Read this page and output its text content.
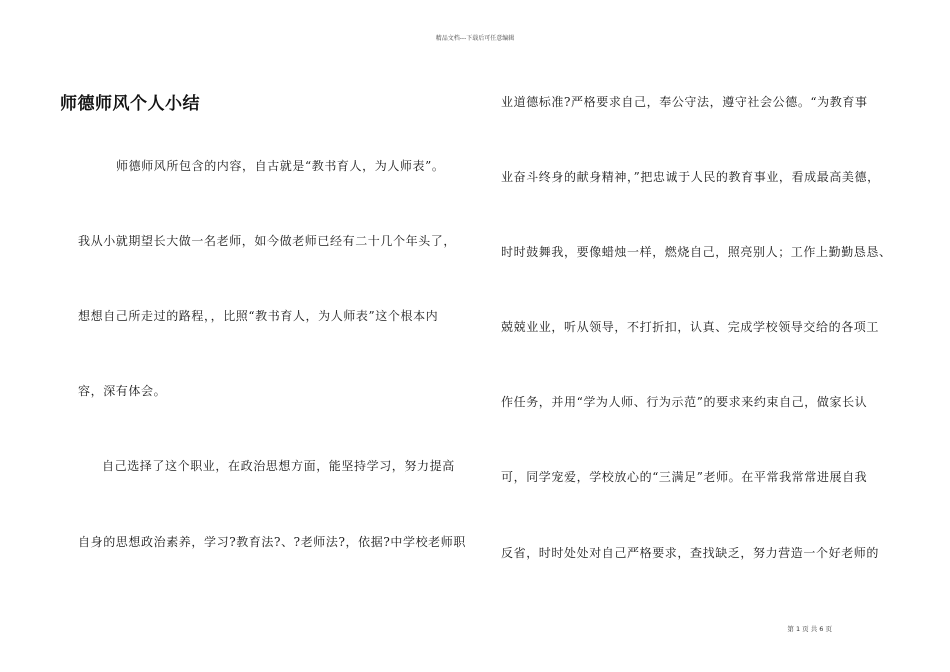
精品文档---下载后可任意编辑
师德师风个人小结
师德师风所包含的内容，自古就是“教书育人，为人师表”。
我从小就期望长大做一名老师，如今做老师已经有二十几个年头了，
想想自己所走过的路程，，比照“教书育人，为人师表”这个根本内
容，深有体会。
自己选择了这个职业，在政治思想方面，能坚持学习，努力提高
自身的思想政治素养，学习?教育法?、?老师法?，依据?中学校老师职
业道德标准?严格要求自己，奉公守法，遵守社会公德。“为教育事
业奋斗终身的献身精神，”把忠诚于人民的教育事业，看成最高美德，
时时鼓舞我，要像蜡烛一样，燃烧自己，照亮别人；工作上勤勤恳恳、
兢兢业业，听从领导，不打折扣，认真、完成学校领导交给的各项工
作任务，并用“学为人师、行为示范”的要求来约束自己，做家长认
可，同学宠爱，学校放心的“三满足”老师。在平常我常常进展自我
反省，时时处处对自己严格要求，查找缺乏，努力营造一个好老师的
第 1 页 共 6 页
